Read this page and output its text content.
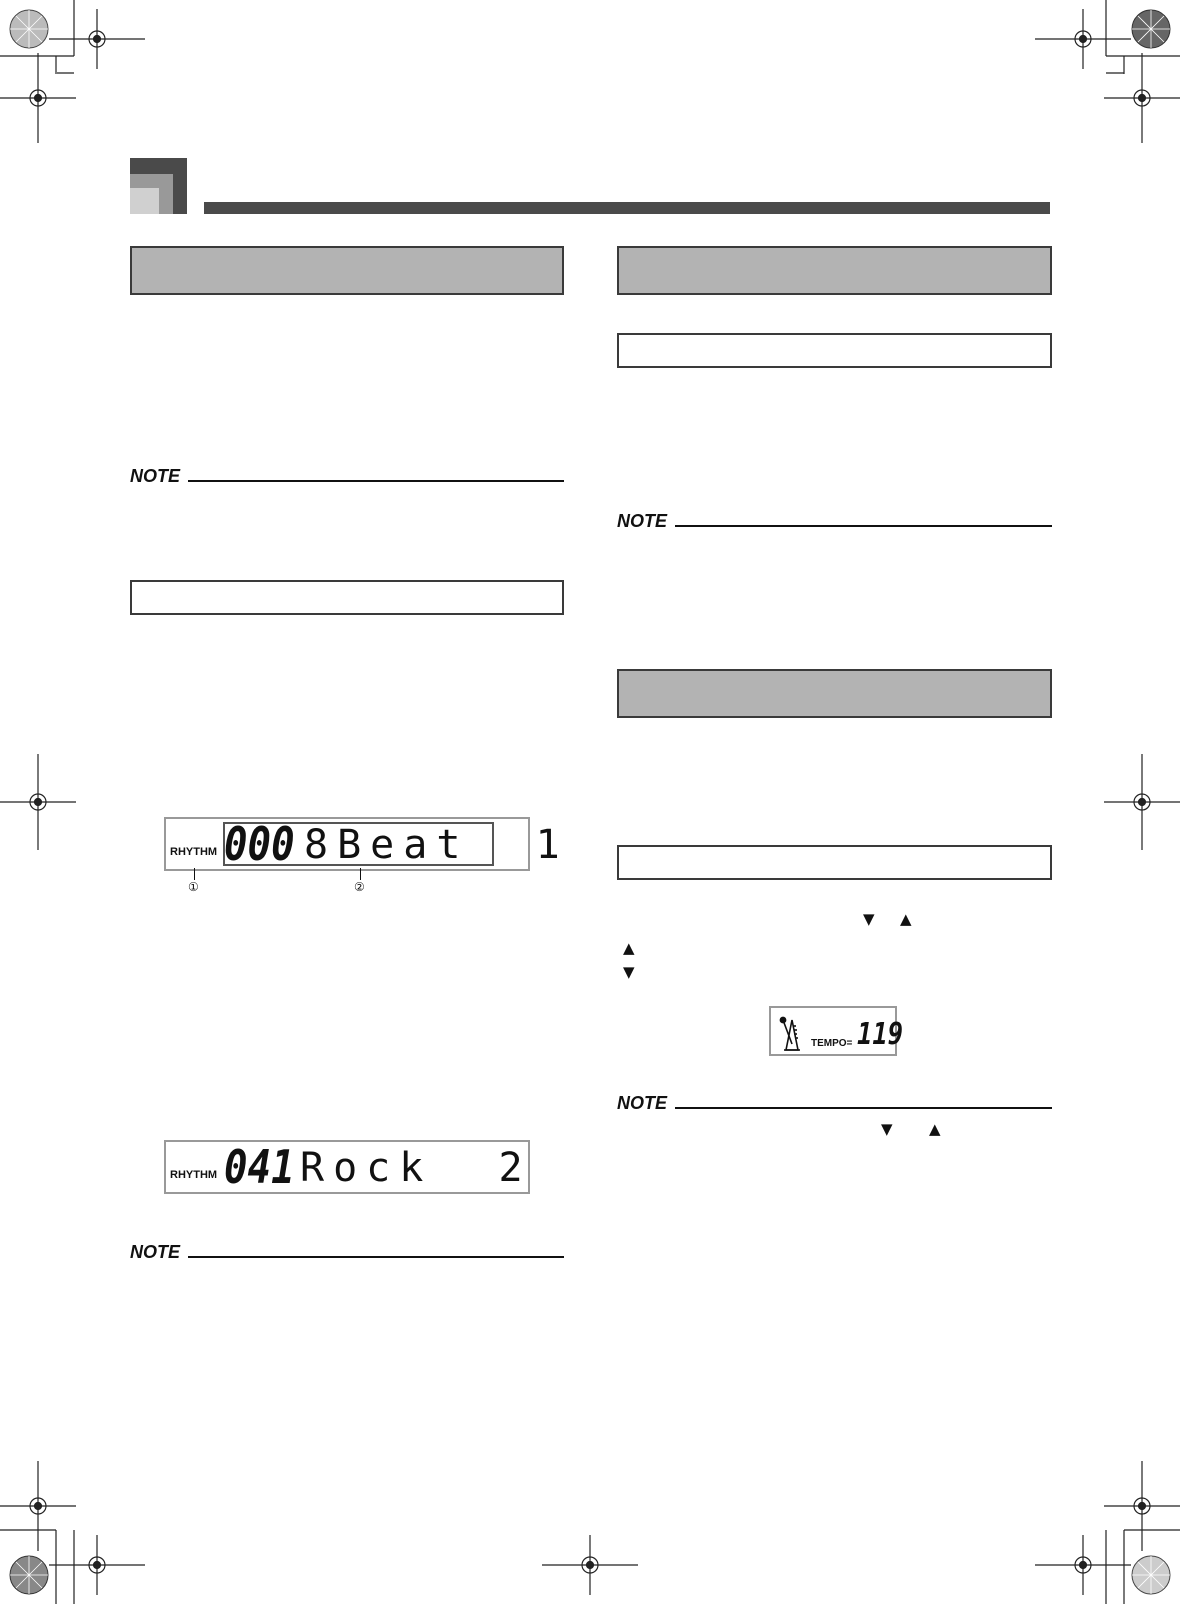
NOTE
RHYTHM 000 8Beat  1
①	②
RHYTHM 041 Rock  2
NOTE
NOTE
▼ ▲
▲
▼
TEMPO= 119
NOTE
▼ ▲
